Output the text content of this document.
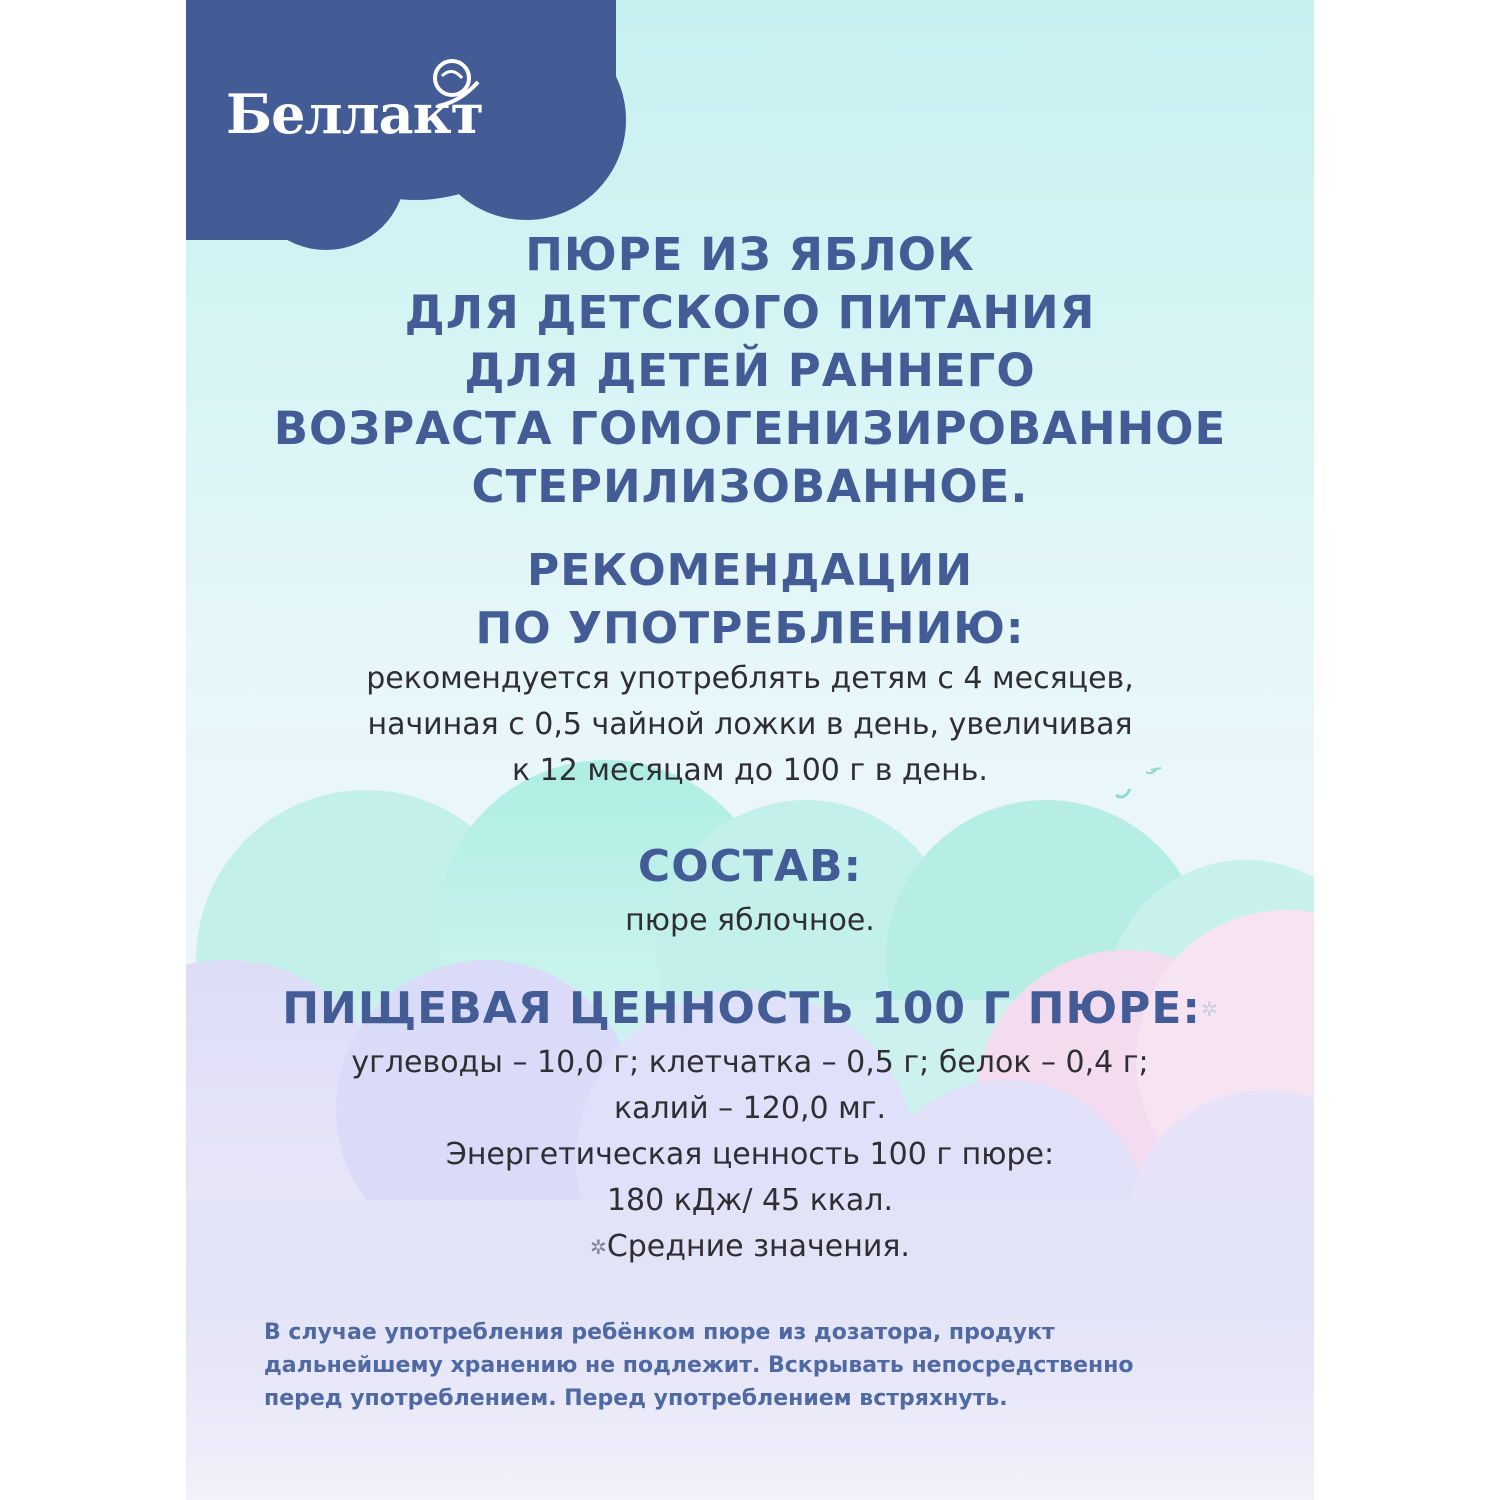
Беллакт
ПЮРЕ ИЗ ЯБЛОК
ДЛЯ ДЕТСКОГО ПИТАНИЯ
ДЛЯ ДЕТЕЙ РАННЕГО
ВОЗРАСТА ГОМОГЕНИЗИРОВАННОЕ
СТЕРИЛИЗОВАННОЕ.
РЕКОМЕНДАЦИИ
ПО УПОТРЕБЛЕНИЮ:
рекомендуется употреблять детям с 4 месяцев,
начиная с 0,5 чайной ложки в день, увеличивая
к 12 месяцам до 100 г в день.
СОСТАВ:
пюре яблочное.
ПИЩЕВАЯ ЦЕННОСТЬ 100 Г ПЮРЕ:✲
углеводы – 10,0 г; клетчатка – 0,5 г; белок – 0,4 г;
калий – 120,0 мг.
Энергетическая ценность 100 г пюре:
180 кДж/ 45 ккал.
✲Средние значения.
В случае употребления ребёнком пюре из дозатора, продукт
дальнейшему хранению не подлежит. Вскрывать непосредственно
перед употреблением. Перед употреблением встряхнуть.
